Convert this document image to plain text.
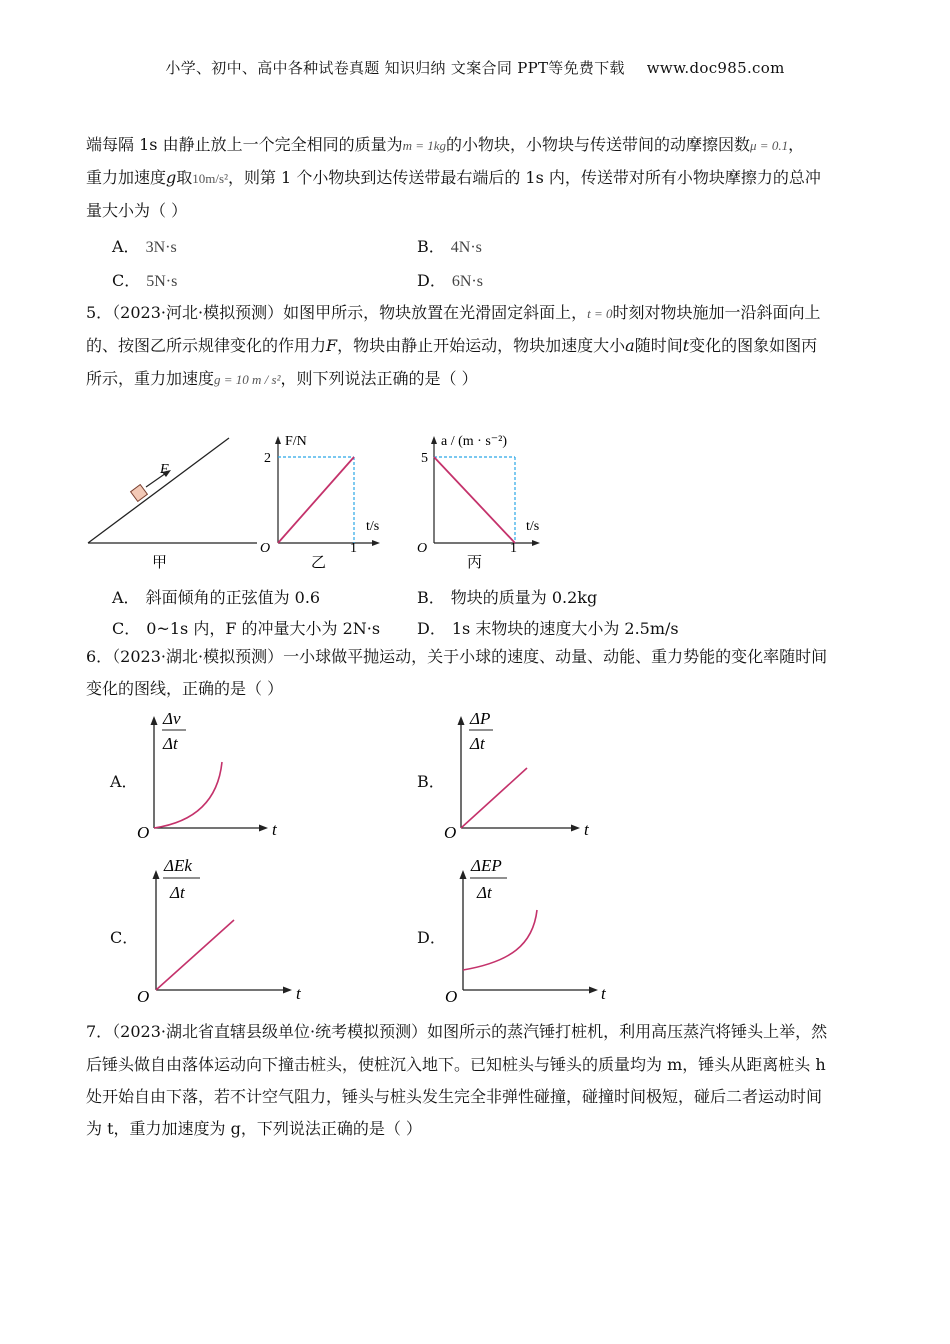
小学、初中、高中各种试卷真题 知识归纳 文案合同 PPT等免费下载 www.doc985.com
端每隔 1s 由静止放上一个完全相同的质量为m = 1kg的小物块，小物块与传送带间的动摩擦因数μ = 0.1，
重力加速度g取10m/s²，则第 1 个小物块到达传送带最右端后的 1s 内，传送带对所有小物块摩擦力的总冲
量大小为（ ）
A． 3N·s	B． 4N·s
C． 5N·s	D． 6N·s
5．（2023·河北·模拟预测）如图甲所示，物块放置在光滑固定斜面上，t = 0时刻对物块施加一沿斜面向上
的、按图乙所示规律变化的作用力F，物块由静止开始运动，物块加速度大小a随时间t变化的图象如图丙
所示，重力加速度g = 10 m / s²，则下列说法正确的是（ ）
F
甲
F/N
t/s
2
1
O
乙
a / (m · s⁻²)
t/s
5
1
O
丙
A． 斜面倾角的正弦值为 0.6	B． 物块的质量为 0.2kg
C． 0~1s 内，F 的冲量大小为 2N·s D． 1s 末物块的速度大小为 2.5m/s
6．（2023·湖北·模拟预测）一小球做平抛运动，关于小球的速度、动量、动能、重力势能的变化率随时间
变化的图线，正确的是（ ）
A．	B．
C．	D．
Δv
Δt
t
O
ΔP
Δt
t
O
ΔEk
Δt
t
O
ΔEP
Δt
t
O
7．（2023·湖北省直辖县级单位·统考模拟预测）如图所示的蒸汽锤打桩机，利用高压蒸汽将锤头上举，然
后锤头做自由落体运动向下撞击桩头，使桩沉入地下。已知桩头与锤头的质量均为 m，锤头从距离桩头 h
处开始自由下落，若不计空气阻力，锤头与桩头发生完全非弹性碰撞，碰撞时间极短，碰后二者运动时间
为 t，重力加速度为 g，下列说法正确的是（ ）
